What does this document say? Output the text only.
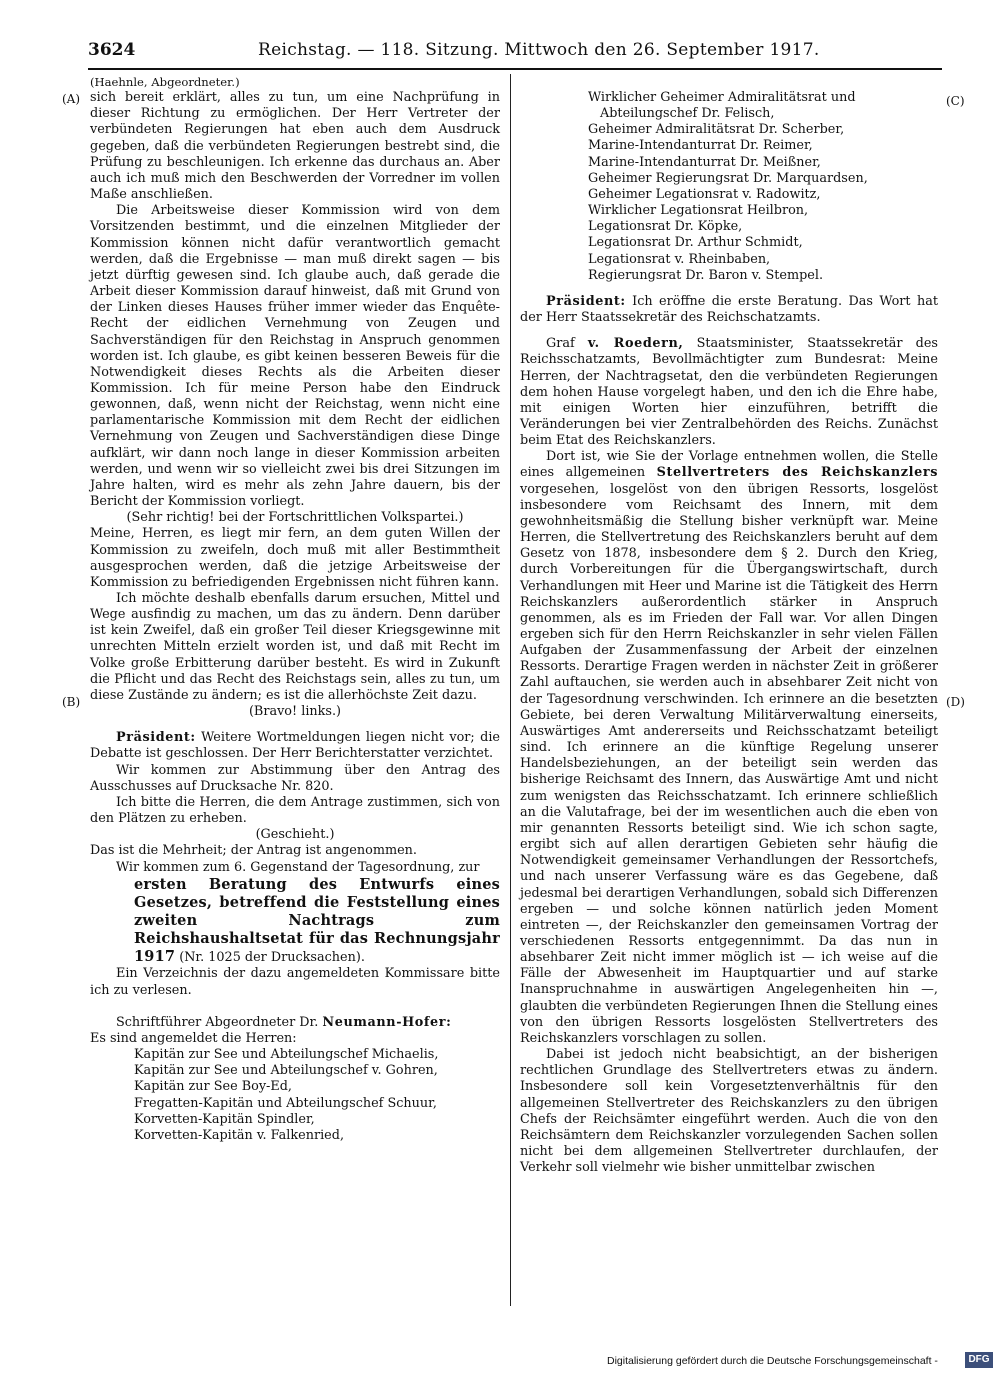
3624	Reichstag. — 118. Sitzung. Mittwoch den 26. September 1917.
(A)
(B)
(C)
(D)

(Haehnle, Abgeordneter.)

sich bereit erklärt, alles zu tun, um eine Nachprüfung in dieser Richtung zu ermöglichen. Der Herr Vertreter der verbündeten Regierungen hat eben auch dem Ausdruck gegeben, daß die verbündeten Regierungen bestrebt sind, die Prüfung zu beschleunigen. Ich erkenne das durchaus an. Aber auch ich muß mich den Beschwerden der Vorredner im vollen Maße anschließen.

Die Arbeitsweise dieser Kommission wird von dem Vorsitzenden bestimmt, und die einzelnen Mitglieder der Kommission können nicht dafür verantwortlich gemacht werden, daß die Ergebnisse — man muß direkt sagen — bis jetzt dürftig gewesen sind. Ich glaube auch, daß gerade die Arbeit dieser Kommission darauf hinweist, daß mit Grund von der Linken dieses Hauses früher immer wieder das Enquête-Recht der eidlichen Vernehmung von Zeugen und Sachverständigen für den Reichstag in Anspruch genommen worden ist. Ich glaube, es gibt keinen besseren Beweis für die Notwendigkeit dieses Rechts als die Arbeiten dieser Kommission. Ich für meine Person habe den Eindruck gewonnen, daß, wenn nicht der Reichstag, wenn nicht eine parlamentarische Kommission mit dem Recht der eidlichen Vernehmung von Zeugen und Sachverständigen diese Dinge aufklärt, wir dann noch lange in dieser Kommission arbeiten werden, und wenn wir so vielleicht zwei bis drei Sitzungen im Jahre halten, wird es mehr als zehn Jahre dauern, bis der Bericht der Kommission vorliegt.

(Sehr richtig! bei der Fortschrittlichen Volkspartei.)

Meine, Herren, es liegt mir fern, an dem guten Willen der Kommission zu zweifeln, doch muß mit aller Bestimmtheit ausgesprochen werden, daß die jetzige Arbeitsweise der Kommission zu befriedigenden Ergebnissen nicht führen kann.

Ich möchte deshalb ebenfalls darum ersuchen, Mittel und Wege ausfindig zu machen, um das zu ändern. Denn darüber ist kein Zweifel, daß ein großer Teil dieser Kriegsgewinne mit unrechten Mitteln erzielt worden ist, und daß mit Recht im Volke große Erbitterung darüber besteht. Es wird in Zukunft die Pflicht und das Recht des Reichstags sein, alles zu tun, um diese Zustände zu ändern; es ist die allerhöchste Zeit dazu.

(Bravo! links.)

Präsident: Weitere Wortmeldungen liegen nicht vor; die Debatte ist geschlossen. Der Herr Berichterstatter verzichtet.

Wir kommen zur Abstimmung über den Antrag des Ausschusses auf Drucksache Nr. 820.

Ich bitte die Herren, die dem Antrage zustimmen, sich von den Plätzen zu erheben.

(Geschieht.)

Das ist die Mehrheit; der Antrag ist angenommen.

Wir kommen zum 6. Gegenstand der Tagesordnung, zur

ersten Beratung des Entwurfs eines Gesetzes, betreffend die Feststellung eines zweiten Nachtrags zum Reichshaushaltsetat für das Rechnungsjahr 1917 (Nr. 1025 der Drucksachen).

Ein Verzeichnis der dazu angemeldeten Kommissare bitte ich zu verlesen.

Schriftführer Abgeordneter Dr. Neumann-Hofer:

Es sind angemeldet die Herren:

Kapitän zur See und Abteilungschef Michaelis,

Kapitän zur See und Abteilungschef v. Gohren,

Kapitän zur See Boy-Ed,

Fregatten-Kapitän und Abteilungschef Schuur,

Korvetten-Kapitän Spindler,

Korvetten-Kapitän v. Falkenried,

Wirklicher Geheimer Admiralitätsrat und Abteilungschef Dr. Felisch,

Geheimer Admiralitätsrat Dr. Scherber,

Marine-Intendanturrat Dr. Reimer,

Marine-Intendanturrat Dr. Meißner,

Geheimer Regierungsrat Dr. Marquardsen,

Geheimer Legationsrat v. Radowitz,

Wirklicher Legationsrat Heilbron,

Legationsrat Dr. Köpke,

Legationsrat Dr. Arthur Schmidt,

Legationsrat v. Rheinbaben,

Regierungsrat Dr. Baron v. Stempel.

Präsident: Ich eröffne die erste Beratung. Das Wort hat der Herr Staatssekretär des Reichschatzamts.

Graf v. Roedern, Staatsminister, Staatssekretär des Reichsschatzamts, Bevollmächtigter zum Bundesrat: Meine Herren, der Nachtragsetat, den die verbündeten Regierungen dem hohen Hause vorgelegt haben, und den ich die Ehre habe, mit einigen Worten hier einzuführen, betrifft die Veränderungen bei vier Zentralbehörden des Reichs. Zunächst beim Etat des Reichskanzlers.

Dort ist, wie Sie der Vorlage entnehmen wollen, die Stelle eines allgemeinen Stellvertreters des Reichskanzlers vorgesehen, losgelöst von den übrigen Ressorts, losgelöst insbesondere vom Reichsamt des Innern, mit dem gewohnheitsmäßig die Stellung bisher verknüpft war. Meine Herren, die Stellvertretung des Reichskanzlers beruht auf dem Gesetz von 1878, insbesondere dem § 2. Durch den Krieg, durch Vorbereitungen für die Übergangswirtschaft, durch Verhandlungen mit Heer und Marine ist die Tätigkeit des Herrn Reichskanzlers außerordentlich stärker in Anspruch genommen, als es im Frieden der Fall war. Vor allen Dingen ergeben sich für den Herrn Reichskanzler in sehr vielen Fällen Aufgaben der Zusammenfassung der Arbeit der einzelnen Ressorts. Derartige Fragen werden in nächster Zeit in größerer Zahl auftauchen, sie werden auch in absehbarer Zeit nicht von der Tagesordnung verschwinden. Ich erinnere an die besetzten Gebiete, bei deren Verwaltung Militärverwaltung einerseits, Auswärtiges Amt andererseits und Reichsschatzamt beteiligt sind. Ich erinnere an die künftige Regelung unserer Handelsbeziehungen, an der beteiligt sein werden das bisherige Reichsamt des Innern, das Auswärtige Amt und nicht zum wenigsten das Reichsschatzamt. Ich erinnere schließlich an die Valutafrage, bei der im wesentlichen auch die eben von mir genannten Ressorts beteiligt sind. Wie ich schon sagte, ergibt sich auf allen derartigen Gebieten sehr häufig die Notwendigkeit gemeinsamer Verhandlungen der Ressortchefs, und nach unserer Verfassung wäre es das Gegebene, daß jedesmal bei derartigen Verhandlungen, sobald sich Differenzen ergeben — und solche können natürlich jeden Moment eintreten —, der Reichskanzler den gemeinsamen Vortrag der verschiedenen Ressorts entgegennimmt. Da das nun in absehbarer Zeit nicht immer möglich ist — ich weise auf die Fälle der Abwesenheit im Hauptquartier und auf starke Inanspruchnahme in auswärtigen Angelegenheiten hin —, glaubten die verbündeten Regierungen Ihnen die Stellung eines von den übrigen Ressorts losgelösten Stellvertreters des Reichskanzlers vorschlagen zu sollen.

Dabei ist jedoch nicht beabsichtigt, an der bisherigen rechtlichen Grundlage des Stellvertreters etwas zu ändern. Insbesondere soll kein Vorgesetztenverhältnis für den allgemeinen Stellvertreter des Reichskanzlers zu den übrigen Chefs der Reichsämter eingeführt werden. Auch die von den Reichsämtern dem Reichskanzler vorzulegenden Sachen sollen nicht bei dem allgemeinen Stellvertreter durchlaufen, der Verkehr soll vielmehr wie bisher unmittelbar zwischen

Digitalisierung gefördert durch die Deutsche Forschungsgemeinschaft -	DFG
